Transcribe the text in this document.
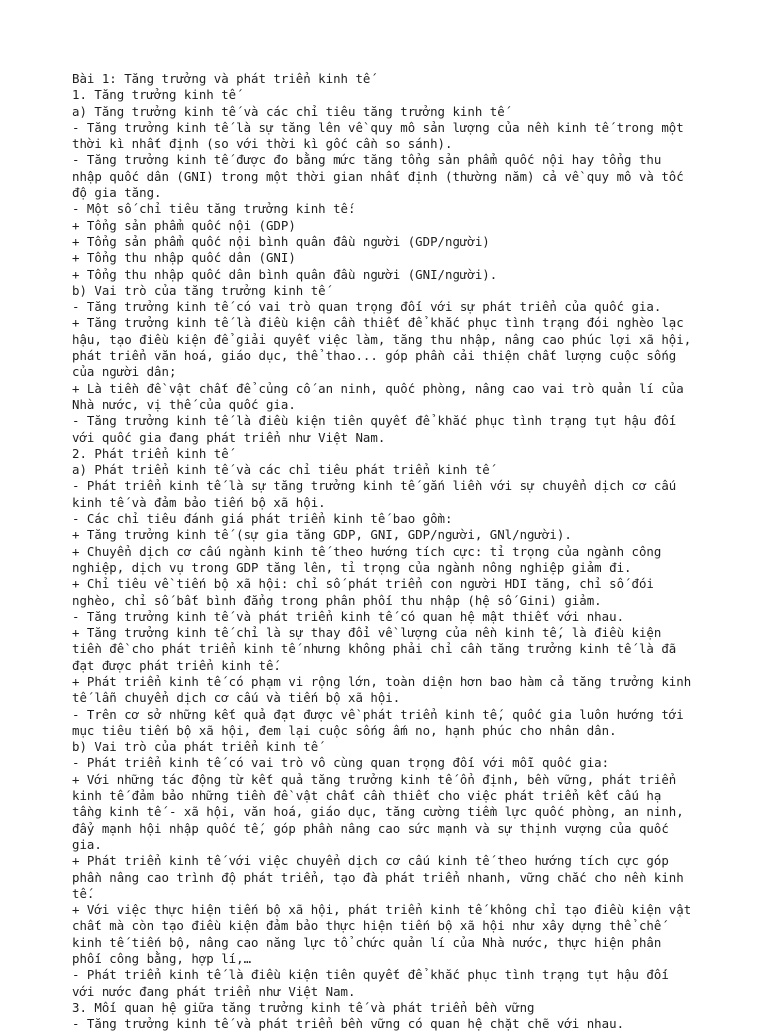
Bài 1: Tăng trưởng và phát triển kinh tế
1. Tăng trưởng kinh tế
a) Tăng trưởng kinh tế và các chỉ tiêu tăng trưởng kinh tế
- Tăng trưởng kinh tế là sự tăng lên về quy mô sản lượng của nền kinh tế trong một
thời kì nhất định (so với thời kì gốc cần so sánh).
- Tăng trưởng kinh tế được đo bằng mức tăng tổng sản phẩm quốc nội hay tổng thu
nhập quốc dân (GNI) trong một thời gian nhất định (thường năm) cả về quy mô và tốc
độ gia tăng.
- Một số chỉ tiêu tăng trưởng kinh tế:
+ Tổng sản phẩm quốc nội (GDP)
+ Tổng sản phẩm quốc nội bình quân đầu người (GDP/người)
+ Tổng thu nhập quốc dân (GNI)
+ Tổng thu nhập quốc dân bình quân đầu người (GNI/người).
b) Vai trò của tăng trưởng kinh tế
- Tăng trưởng kinh tế có vai trò quan trọng đối với sự phát triển của quốc gia.
+ Tăng trưởng kinh tế là điều kiện cần thiết để khắc phục tình trạng đói nghèo lạc
hậu, tạo điều kiện để giải quyết việc làm, tăng thu nhập, nâng cao phúc lợi xã hội,
phát triển văn hoá, giáo dục, thể thao... góp phần cải thiện chất lượng cuộc sống
của người dân;
+ Là tiền đề vật chất để củng cố an ninh, quốc phòng, nâng cao vai trò quản lí của
Nhà nước, vị thế của quốc gia.
- Tăng trưởng kinh tế là điều kiện tiên quyết để khắc phục tình trạng tụt hậu đối
với quốc gia đang phát triển như Việt Nam.
2. Phát triển kinh tế
a) Phát triển kinh tế và các chỉ tiêu phát triển kinh tế
- Phát triển kinh tế là sự tăng trưởng kinh tế gắn liền với sự chuyển dịch cơ cấu
kinh tế và đảm bảo tiến bộ xã hội.
- Các chỉ tiêu đánh giá phát triển kinh tế bao gồm:
+ Tăng trưởng kinh tế (sự gia tăng GDP, GNI, GDP/người, GNl/người).
+ Chuyển dịch cơ cấu ngành kinh tế theo hướng tích cực: tỉ trọng của ngành công
nghiệp, dịch vụ trong GDP tăng lên, tỉ trọng của ngành nông nghiệp giảm đi.
+ Chỉ tiêu về tiến bộ xã hội: chỉ số phát triển con người HDI tăng, chỉ số đói
nghèo, chỉ số bất bình đẳng trong phân phối thu nhập (hệ số Gini) giảm.
- Tăng trưởng kinh tế và phát triển kinh tế có quan hệ mật thiết với nhau.
+ Tăng trưởng kinh tế chỉ là sự thay đổi về lượng của nền kinh tế, là điều kiện
tiền đề cho phát triển kinh tế nhưng không phải chỉ cần tăng trưởng kinh tế là đã
đạt được phát triển kinh tế.
+ Phát triển kinh tế có phạm vi rộng lớn, toàn diện hơn bao hàm cả tăng trưởng kinh
tế lẫn chuyển dịch cơ cấu và tiến bộ xã hội.
- Trên cơ sở những kết quả đạt được về phát triển kinh tế, quốc gia luôn hướng tới
mục tiêu tiến bộ xã hội, đem lại cuộc sống ấm no, hạnh phúc cho nhân dân.
b) Vai trò của phát triển kinh tế
- Phát triển kinh tế có vai trò vô cùng quan trọng đối với mỗi quốc gia:
+ Với những tác động từ kết quả tăng trưởng kinh tế ổn định, bền vững, phát triển
kinh tế đảm bảo những tiền đề vật chất cần thiết cho việc phát triển kết cấu hạ
tầng kinh tế - xã hội, văn hoá, giáo dục, tăng cường tiềm lực quốc phòng, an ninh,
đẩy mạnh hội nhập quốc tế, góp phần nâng cao sức mạnh và sự thịnh vượng của quốc
gia.
+ Phát triển kinh tế với việc chuyển dịch cơ cấu kinh tế theo hướng tích cực góp
phần nâng cao trình độ phát triển, tạo đà phát triển nhanh, vững chắc cho nền kinh
tế.
+ Với việc thực hiện tiến bộ xã hội, phát triển kinh tế không chỉ tạo điều kiện vật
chất mà còn tạo điều kiện đảm bảo thực hiện tiến bộ xã hội như xây dựng thể chế
kinh tế tiến bộ, nâng cao năng lực tổ chức quản lí của Nhà nước, thực hiện phân
phối công bằng, hợp lí,…
- Phát triển kinh tế là điều kiện tiên quyết để khắc phục tình trạng tụt hậu đối
với nước đang phát triển như Việt Nam.
3. Mối quan hệ giữa tăng trưởng kinh tế và phát triển bền vững
- Tăng trưởng kinh tế và phát triển bền vững có quan hệ chặt chẽ với nhau.
